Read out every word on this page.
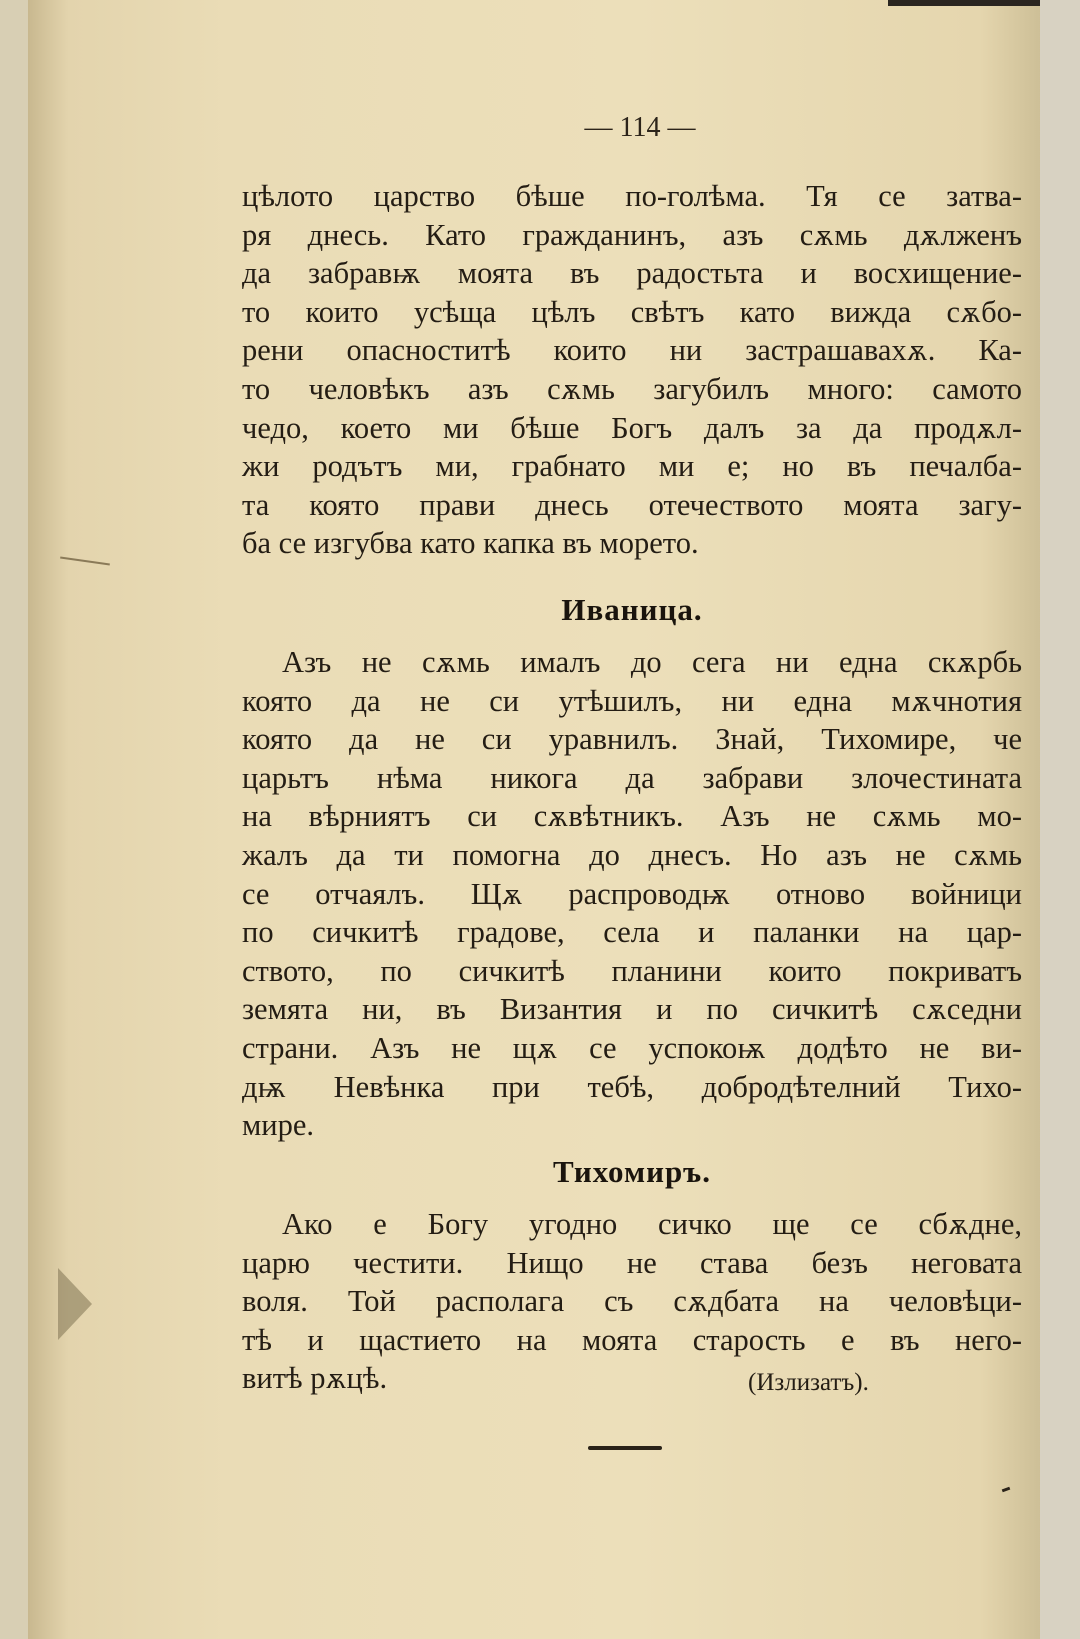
— 114 —
цѣлото царство бѣше по-голѣма. Тя се затва-
ря днесь. Като гражданинъ, азъ сѫмь дѫлженъ
да забравѭ моята въ радостьта и восхищение-
то които усѣща цѣлъ свѣтъ като вижда сѫбо-
рени опасноститѣ които ни застрашавахѫ. Ка-
то человѣкъ азъ сѫмь загубилъ много: самото
чедо, което ми бѣше Богъ далъ за да продѫл-
жи родътъ ми, грабнато ми е; но въ печалба-
та която прави днесь отечеството моята загу-
ба се изгубва като капка въ морето.
Иваница.
Азъ не сѫмь ималъ до сега ни една скѫрбь
която да не си утѣшилъ, ни една мѫчнотия
която да не си уравнилъ. Знай, Тихомире, че
царьтъ нѣма никога да забрави злочестината
на вѣрниятъ си сѫвѣтникъ. Азъ не сѫмь мо-
жалъ да ти помогна до днесъ. Но азъ не сѫмь
се отчаялъ. Щѫ распроводѭ отново войници
по сичкитѣ градове, села и паланки на цар-
ството, по сичкитѣ планини които покриватъ
земята ни, въ Византия и по сичкитѣ сѫседни
страни. Азъ не щѫ се успокоѭ додѣто не ви-
дѭ Невѣнка при тебѣ, добродѣтелний Тихо-
мире.
Тихомиръ.
Ако е Богу угодно сичко ще се сбѫдне,
царю честити. Нищо не става безъ неговата
воля. Той располага съ сѫдбата на человѣци-
тѣ и щастието на моята старость е въ него-
витѣ рѫцѣ.	(Излизатъ).
